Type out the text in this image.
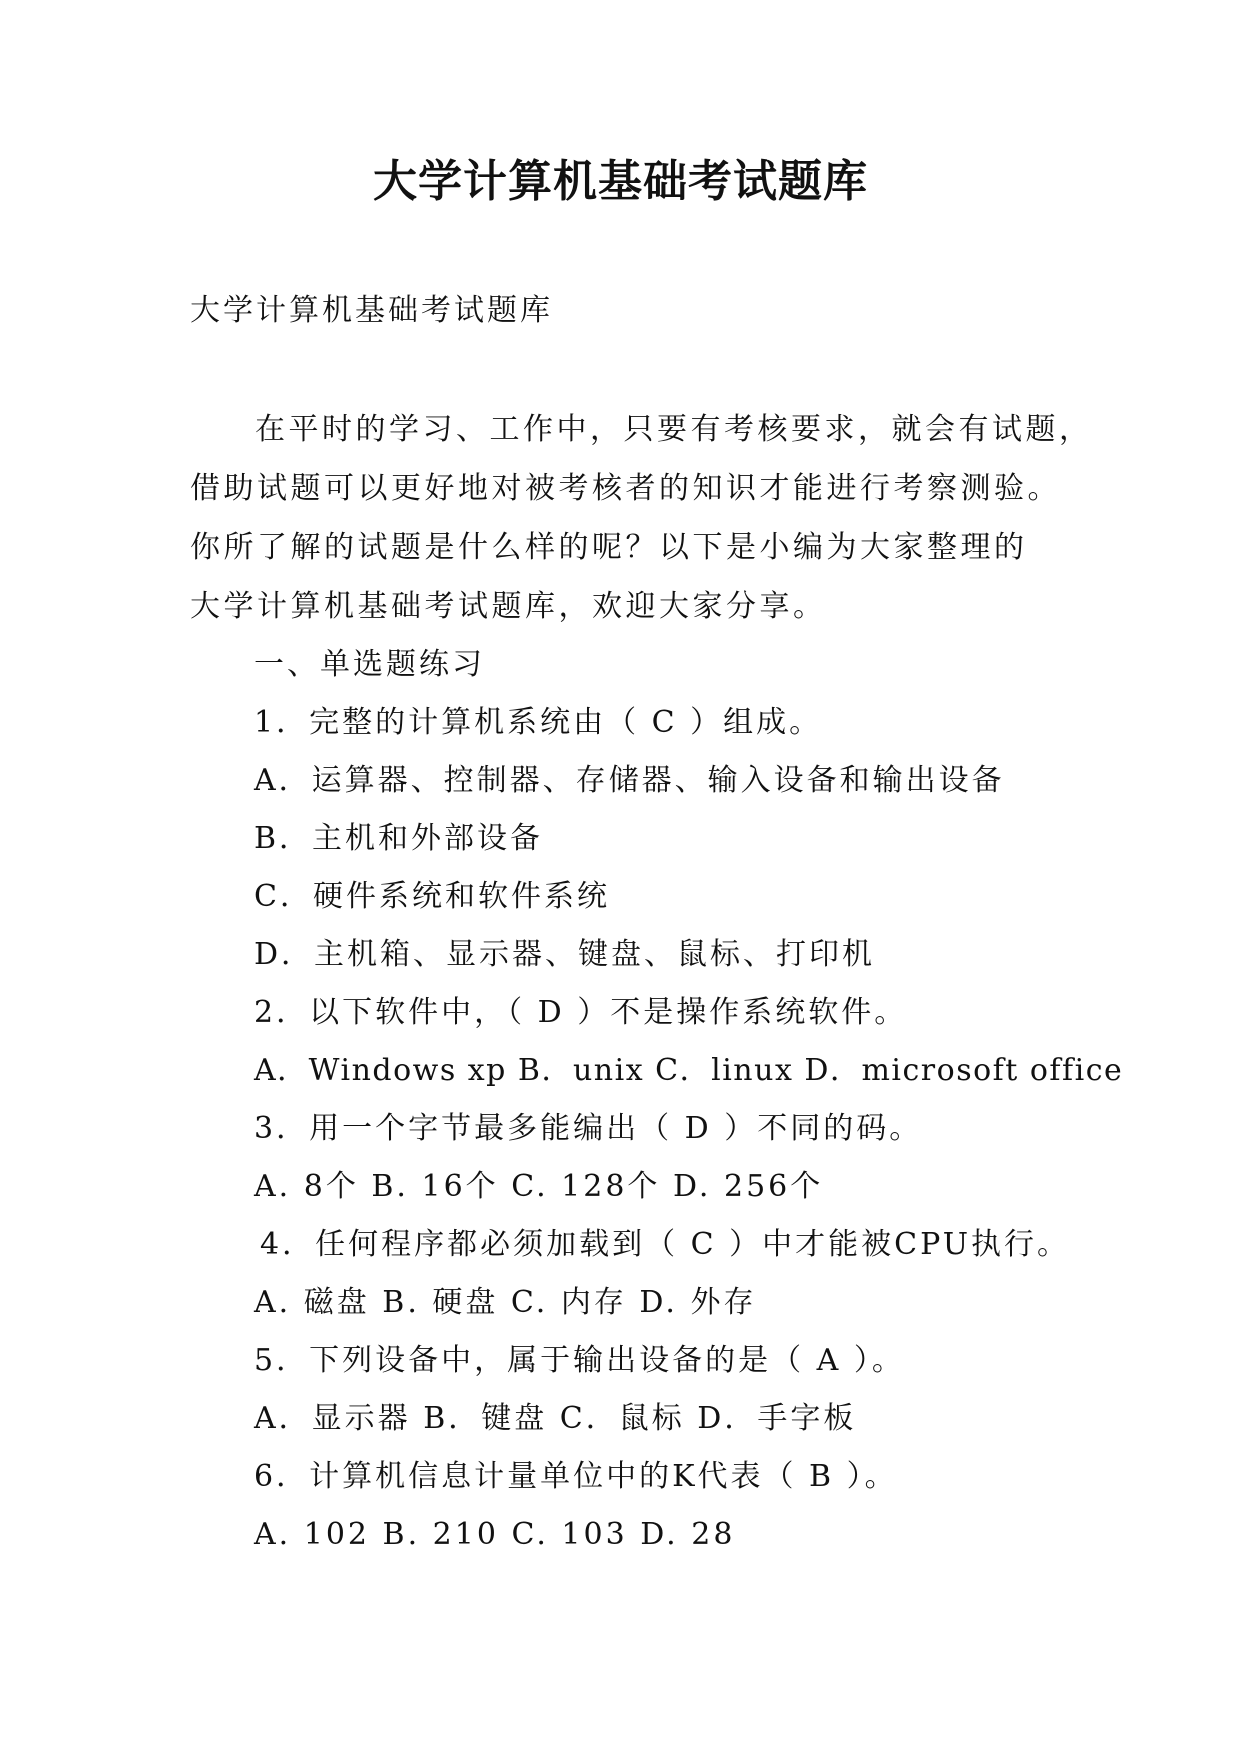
大学计算机基础考试题库
大学计算机基础考试题库
在平时的学习、工作中，只要有考核要求，就会有试题，
借助试题可以更好地对被考核者的知识才能进行考察测验。
你所了解的试题是什么样的呢？以下是小编为大家整理的
大学计算机基础考试题库，欢迎大家分享。
一、单选题练习
1．完整的计算机系统由（ C ）组成。
A．运算器、控制器、存储器、输入设备和输出设备
B．主机和外部设备
C．硬件系统和软件系统
D．主机箱、显示器、键盘、鼠标、打印机
2．以下软件中，（ D ）不是操作系统软件。
A．Windows xp B．unix C．linux D．microsoft office
3．用一个字节最多能编出（ D ）不同的码。
A. 8个 B. 16个 C. 128个 D. 256个
4．任何程序都必须加载到（ C ）中才能被CPU执行。
A. 磁盘 B. 硬盘 C. 内存 D. 外存
5．下列设备中，属于输出设备的是（ A ）。
A．显示器 B．键盘 C．鼠标 D．手字板
6．计算机信息计量单位中的K代表（ B ）。
A. 102 B. 210 C. 103 D. 28
